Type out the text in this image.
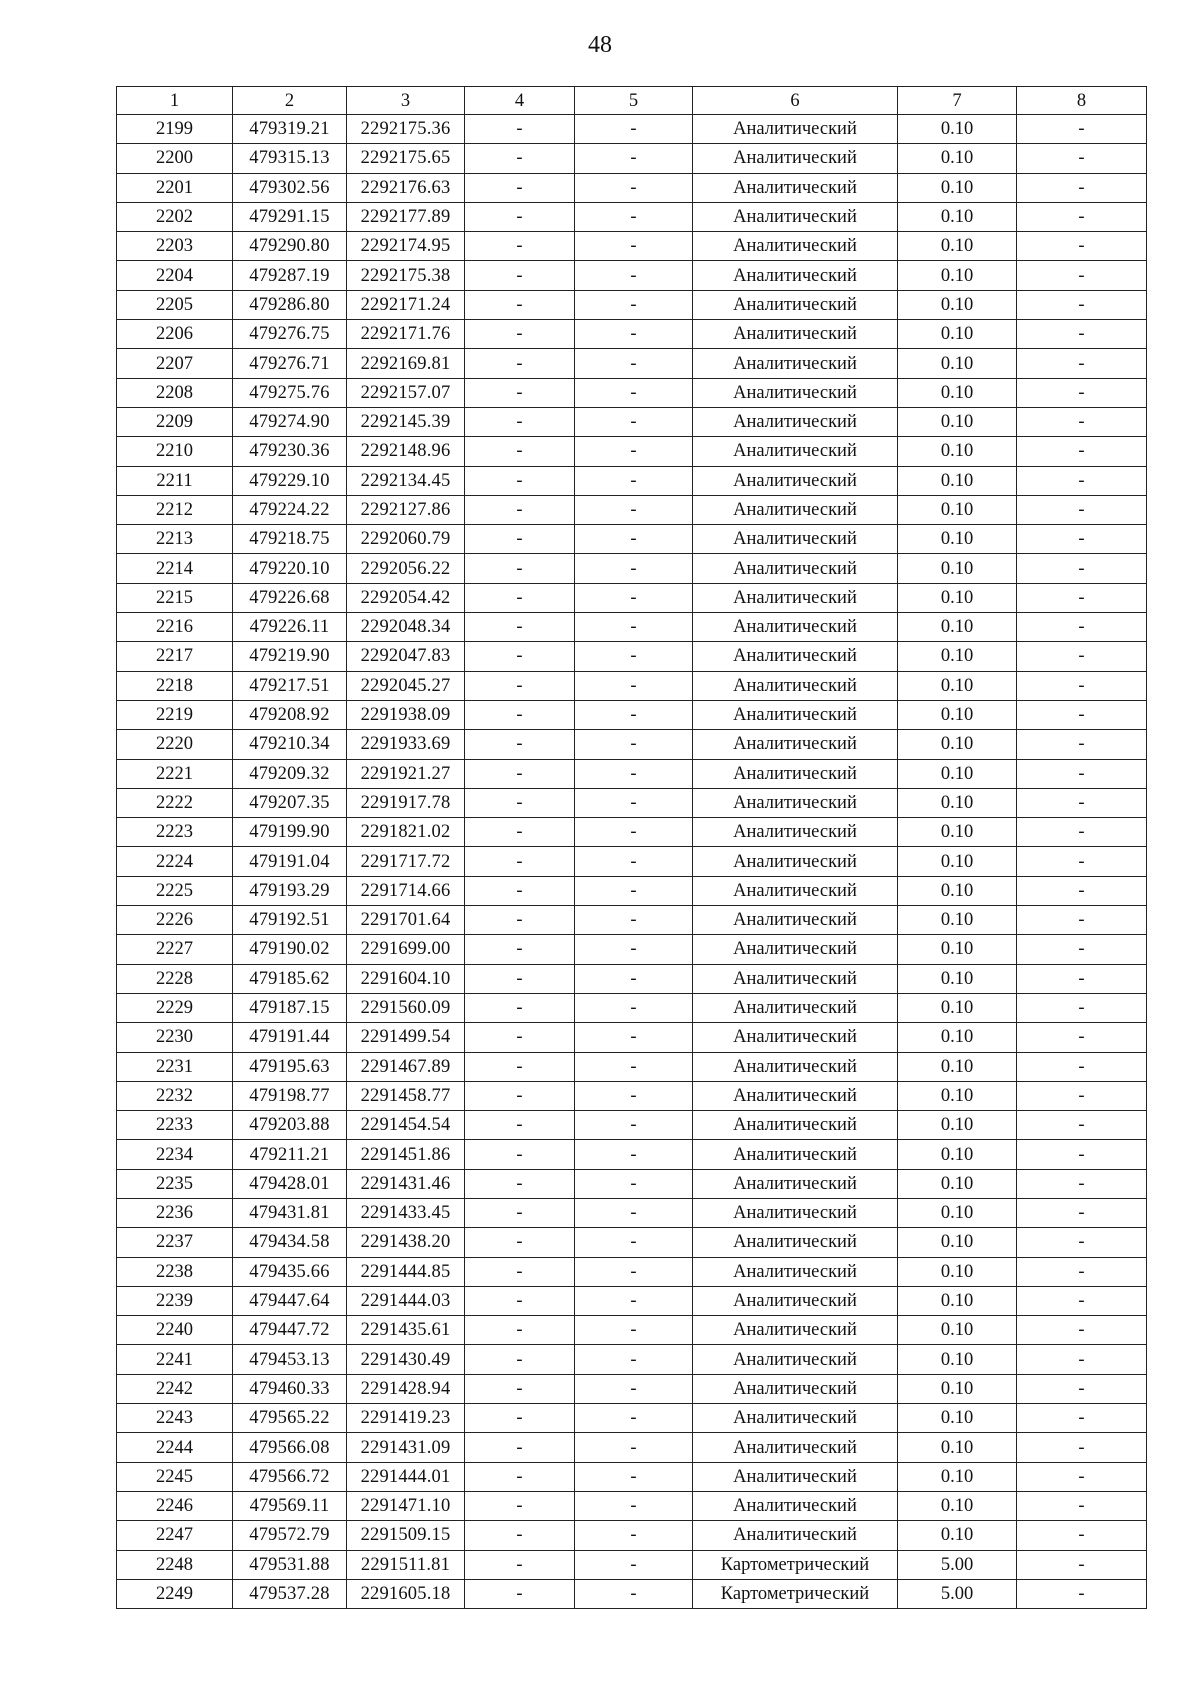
48
1	2	3	4	5	6	7	8
2199	479319.21	2292175.36	-	-	Аналитический	0.10	-
2200	479315.13	2292175.65	-	-	Аналитический	0.10	-
2201	479302.56	2292176.63	-	-	Аналитический	0.10	-
2202	479291.15	2292177.89	-	-	Аналитический	0.10	-
2203	479290.80	2292174.95	-	-	Аналитический	0.10	-
2204	479287.19	2292175.38	-	-	Аналитический	0.10	-
2205	479286.80	2292171.24	-	-	Аналитический	0.10	-
2206	479276.75	2292171.76	-	-	Аналитический	0.10	-
2207	479276.71	2292169.81	-	-	Аналитический	0.10	-
2208	479275.76	2292157.07	-	-	Аналитический	0.10	-
2209	479274.90	2292145.39	-	-	Аналитический	0.10	-
2210	479230.36	2292148.96	-	-	Аналитический	0.10	-
2211	479229.10	2292134.45	-	-	Аналитический	0.10	-
2212	479224.22	2292127.86	-	-	Аналитический	0.10	-
2213	479218.75	2292060.79	-	-	Аналитический	0.10	-
2214	479220.10	2292056.22	-	-	Аналитический	0.10	-
2215	479226.68	2292054.42	-	-	Аналитический	0.10	-
2216	479226.11	2292048.34	-	-	Аналитический	0.10	-
2217	479219.90	2292047.83	-	-	Аналитический	0.10	-
2218	479217.51	2292045.27	-	-	Аналитический	0.10	-
2219	479208.92	2291938.09	-	-	Аналитический	0.10	-
2220	479210.34	2291933.69	-	-	Аналитический	0.10	-
2221	479209.32	2291921.27	-	-	Аналитический	0.10	-
2222	479207.35	2291917.78	-	-	Аналитический	0.10	-
2223	479199.90	2291821.02	-	-	Аналитический	0.10	-
2224	479191.04	2291717.72	-	-	Аналитический	0.10	-
2225	479193.29	2291714.66	-	-	Аналитический	0.10	-
2226	479192.51	2291701.64	-	-	Аналитический	0.10	-
2227	479190.02	2291699.00	-	-	Аналитический	0.10	-
2228	479185.62	2291604.10	-	-	Аналитический	0.10	-
2229	479187.15	2291560.09	-	-	Аналитический	0.10	-
2230	479191.44	2291499.54	-	-	Аналитический	0.10	-
2231	479195.63	2291467.89	-	-	Аналитический	0.10	-
2232	479198.77	2291458.77	-	-	Аналитический	0.10	-
2233	479203.88	2291454.54	-	-	Аналитический	0.10	-
2234	479211.21	2291451.86	-	-	Аналитический	0.10	-
2235	479428.01	2291431.46	-	-	Аналитический	0.10	-
2236	479431.81	2291433.45	-	-	Аналитический	0.10	-
2237	479434.58	2291438.20	-	-	Аналитический	0.10	-
2238	479435.66	2291444.85	-	-	Аналитический	0.10	-
2239	479447.64	2291444.03	-	-	Аналитический	0.10	-
2240	479447.72	2291435.61	-	-	Аналитический	0.10	-
2241	479453.13	2291430.49	-	-	Аналитический	0.10	-
2242	479460.33	2291428.94	-	-	Аналитический	0.10	-
2243	479565.22	2291419.23	-	-	Аналитический	0.10	-
2244	479566.08	2291431.09	-	-	Аналитический	0.10	-
2245	479566.72	2291444.01	-	-	Аналитический	0.10	-
2246	479569.11	2291471.10	-	-	Аналитический	0.10	-
2247	479572.79	2291509.15	-	-	Аналитический	0.10	-
2248	479531.88	2291511.81	-	-	Картометрический	5.00	-
2249	479537.28	2291605.18	-	-	Картометрический	5.00	-
